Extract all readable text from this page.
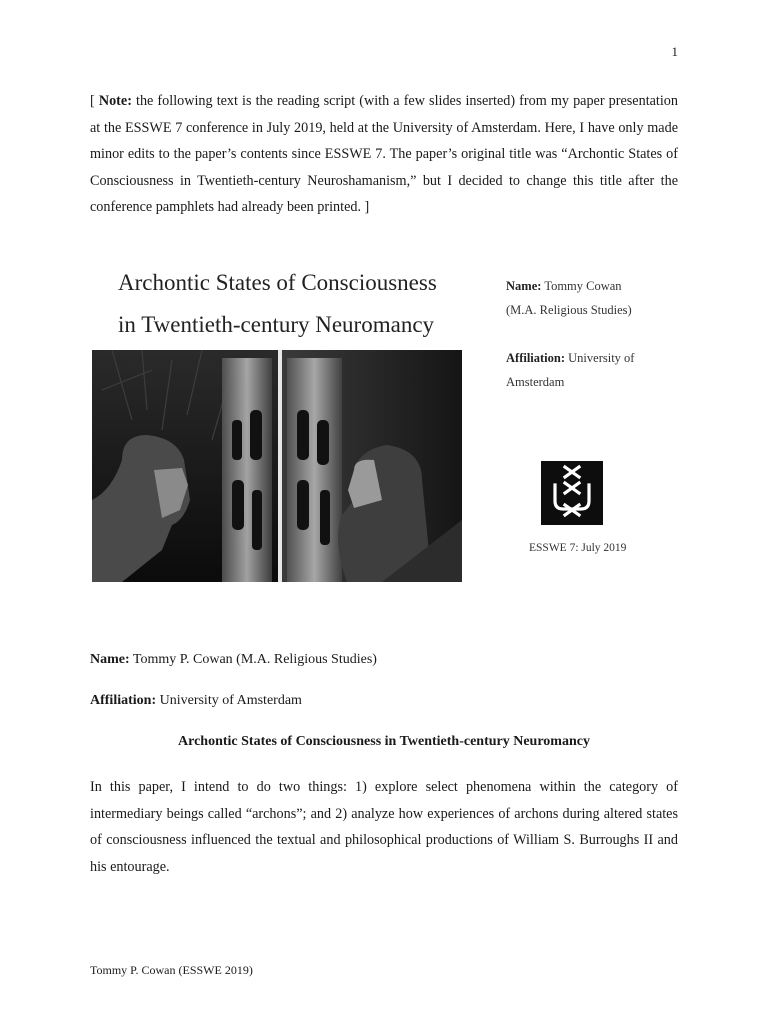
1

[ Note: the following text is the reading script (with a few slides inserted) from my paper presentation at the ESSWE 7 conference in July 2019, held at the University of Amsterdam. Here, I have only made minor edits to the paper’s contents since ESSWE 7. The paper’s original title was “Archontic States of Consciousness in Twentieth-century Neuroshamanism,” but I decided to change this title after the conference pamphlets had already been printed. ]

Archontic States of Consciousness
in Twentieth-century Neuromancy
Name: Tommy Cowan
(M.A. Religious Studies)
Affiliation: University of
Amsterdam
ESSWE 7: July 2019

Name: Tommy P. Cowan (M.A. Religious Studies)

Affiliation: University of Amsterdam

Archontic States of Consciousness in Twentieth-century Neuromancy

In this paper, I intend to do two things: 1) explore select phenomena within the category of intermediary beings called “archons”; and 2) analyze how experiences of archons during altered states of consciousness influenced the textual and philosophical productions of William S. Burroughs II and his entourage.

Tommy P. Cowan (ESSWE 2019)
